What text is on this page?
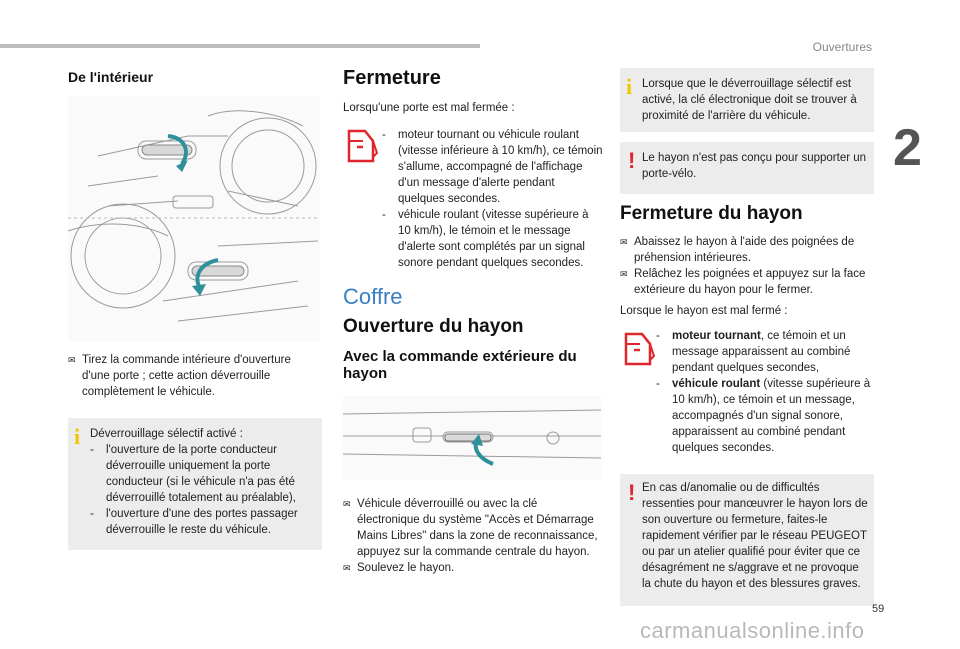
Ouvertures
2
De l'intérieur
✉ Tirez la commande intérieure d'ouverture d'une porte ; cette action déverrouille complètement le véhicule.
i Déverrouillage sélectif activé :

-	l'ouverture de la porte conducteur déverrouille uniquement la porte conducteur (si le véhicule n'a pas été déverrouillé totalement au préalable),
-	l'ouverture d'une des portes passager déverrouille le reste du véhicule.
Fermeture

Lorsqu'une porte est mal fermée :

-	moteur tournant ou véhicule roulant (vitesse inférieure à 10 km/h), ce témoin s'allume, accompagné de l'affichage d'un message d'alerte pendant quelques secondes.
-	véhicule roulant (vitesse supérieure à 10 km/h), le témoin et le message d'alerte sont complétés par un signal sonore pendant quelques secondes.
Coffre
Ouverture du hayon
Avec la commande extérieure du hayon
✉ Véhicule déverrouillé ou avec la clé électronique du système "Accès et Démarrage Mains Libres" dans la zone de reconnaissance, appuyez sur la commande centrale du hayon.
✉ Soulevez le hayon.
i Lorsque que le déverrouillage sélectif est activé, la clé électronique doit se trouver à proximité de l'arrière du véhicule.

! Le hayon n'est pas conçu pour supporter un porte-vélo.

Fermeture du hayon
✉ Abaissez le hayon à l'aide des poignées de préhension intérieures.
✉ Relâchez les poignées et appuyez sur la face extérieure du hayon pour le fermer.

Lorsque le hayon est mal fermé :

-	moteur tournant, ce témoin et un message apparaissent au combiné pendant quelques secondes,
-	véhicule roulant (vitesse supérieure à 10 km/h), ce témoin et un message, accompagnés d'un signal sonore, apparaissent au combiné pendant quelques secondes.
! En cas d/anomalie ou de difficultés ressenties pour manœuvrer le hayon lors de son ouverture ou fermeture, faites-le rapidement vérifier par le réseau PEUGEOT ou par un atelier qualifié pour éviter que ce désagrément ne s/aggrave et ne provoque la chute du hayon et des blessures graves.

59
carmanualsonline.info
